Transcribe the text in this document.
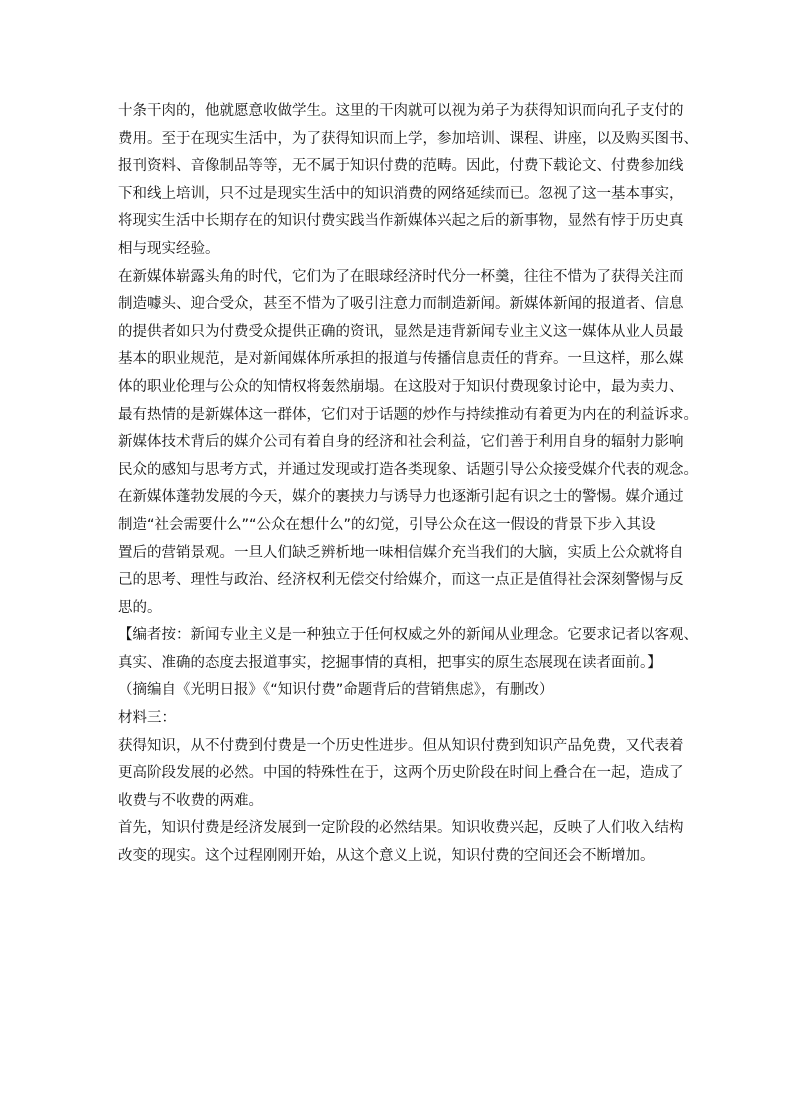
十条干肉的，他就愿意收做学生。这里的干肉就可以视为弟子为获得知识而向孔子支付的

费用。至于在现实生活中，为了获得知识而上学，参加培训、课程、讲座，以及购买图书、

报刊资料、音像制品等等，无不属于知识付费的范畴。因此，付费下载论文、付费参加线

下和线上培训，只不过是现实生活中的知识消费的网络延续而已。忽视了这一基本事实，

将现实生活中长期存在的知识付费实践当作新媒体兴起之后的新事物，显然有悖于历史真

相与现实经验。

在新媒体崭露头角的时代，它们为了在眼球经济时代分一杯羹，往往不惜为了获得关注而

制造噱头、迎合受众，甚至不惜为了吸引注意力而制造新闻。新媒体新闻的报道者、信息

的提供者如只为付费受众提供正确的资讯，显然是违背新闻专业主义这一媒体从业人员最

基本的职业规范，是对新闻媒体所承担的报道与传播信息责任的背弃。一旦这样，那么媒

体的职业伦理与公众的知情权将轰然崩塌。在这股对于知识付费现象讨论中，最为卖力、

最有热情的是新媒体这一群体，它们对于话题的炒作与持续推动有着更为内在的利益诉求。

新媒体技术背后的媒介公司有着自身的经济和社会利益，它们善于利用自身的辐射力影响

民众的感知与思考方式，并通过发现或打造各类现象、话题引导公众接受媒介代表的观念。

在新媒体蓬勃发展的今天，媒介的裹挟力与诱导力也逐渐引起有识之士的警惕。媒介通过

制造“社会需要什么”“公众在想什么”的幻觉，引导公众在这一假设的背景下步入其设

置后的营销景观。一旦人们缺乏辨析地一味相信媒介充当我们的大脑，实质上公众就将自

己的思考、理性与政治、经济权利无偿交付给媒介，而这一点正是值得社会深刻警惕与反

思的。

【编者按：新闻专业主义是一种独立于任何权威之外的新闻从业理念。它要求记者以客观、

真实、准确的态度去报道事实，挖掘事情的真相，把事实的原生态展现在读者面前。】

（摘编自《光明日报》《“知识付费”命题背后的营销焦虑》，有删改）

材料三：

获得知识，从不付费到付费是一个历史性进步。但从知识付费到知识产品免费，又代表着

更高阶段发展的必然。中国的特殊性在于，这两个历史阶段在时间上叠合在一起，造成了

收费与不收费的两难。

首先，知识付费是经济发展到一定阶段的必然结果。知识收费兴起，反映了人们收入结构

改变的现实。这个过程刚刚开始，从这个意义上说，知识付费的空间还会不断增加。
